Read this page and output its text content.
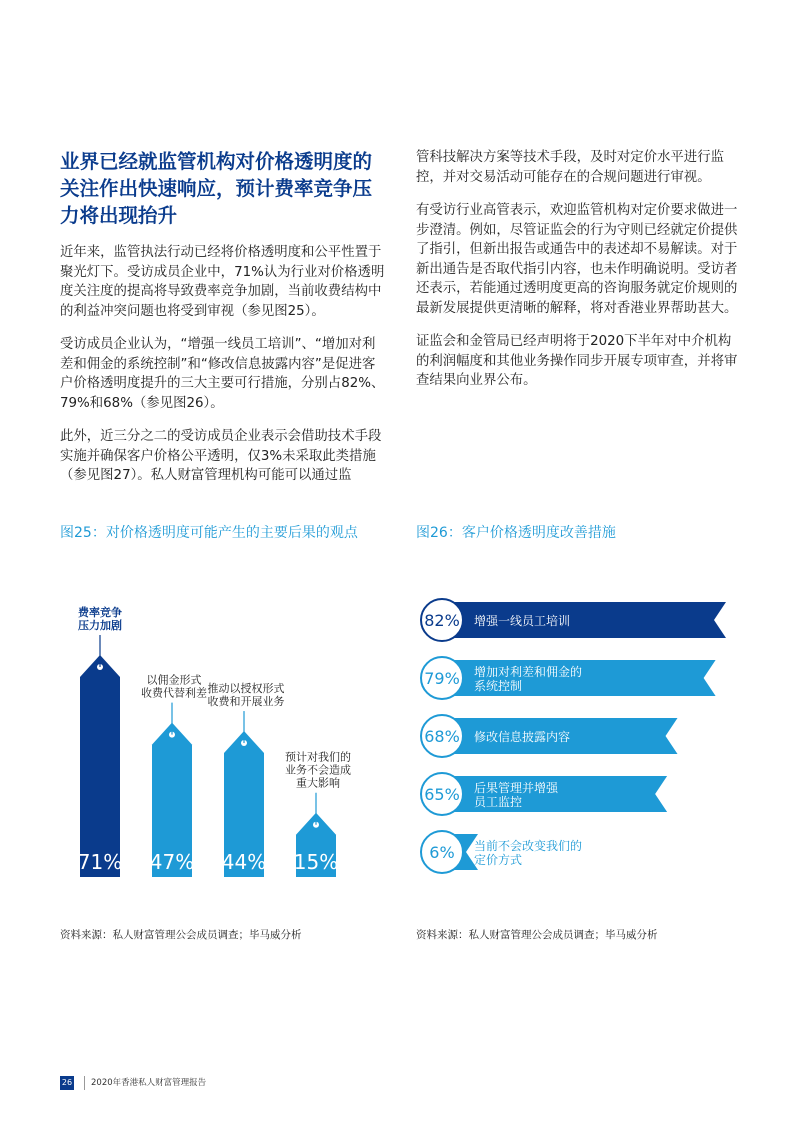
业界已经就监管机构对价格透明度的关注作出快速响应，预计费率竞争压力将出现抬升

近年来，监管执法行动已经将价格透明度和公平性置于聚光灯下。受访成员企业中，71%认为行业对价格透明度关注度的提高将导致费率竞争加剧，当前收费结构中的利益冲突问题也将受到审视（参见图25）。

受访成员企业认为，“增强一线员工培训”、“增加对利差和佣金的系统控制”和“修改信息披露内容”是促进客户价格透明度提升的三大主要可行措施，分别占82%、79%和68%（参见图26）。

此外，近三分之二的受访成员企业表示会借助技术手段实施并确保客户价格公平透明，仅3%未采取此类措施（参见图27）。私人财富管理机构可能可以通过监

管科技解决方案等技术手段，及时对定价水平进行监控，并对交易活动可能存在的合规问题进行审视。

有受访行业高管表示，欢迎监管机构对定价要求做进一步澄清。例如，尽管证监会的行为守则已经就定价提供了指引，但新出报告或通告中的表述却不易解读。对于新出通告是否取代指引内容，也未作明确说明。受访者还表示，若能通过透明度更高的咨询服务就定价规则的最新发展提供更清晰的解释，将对香港业界帮助甚大。

证监会和金管局已经声明将于2020下半年对中介机构的利润幅度和其他业务操作同步开展专项审查，并将审查结果向业界公布。

图25：对价格透明度可能产生的主要后果的观点

71%
费率竞争
压力加剧
47%
以佣金形式
收费代替利差
44%
推动以授权形式
收费和开展业务
15%
预计对我们的
业务不会造成
重大影响

资料来源：私人财富管理公会成员调查；毕马威分析

图26：客户价格透明度改善措施

82% 增强一线员工培训
79% 增加对利差和佣金的
系统控制
68% 修改信息披露内容
65% 后果管理并增强
员工监控
6% 当前不会改变我们的
定价方式

资料来源：私人财富管理公会成员调查；毕马威分析

26	2020年香港私人财富管理报告
